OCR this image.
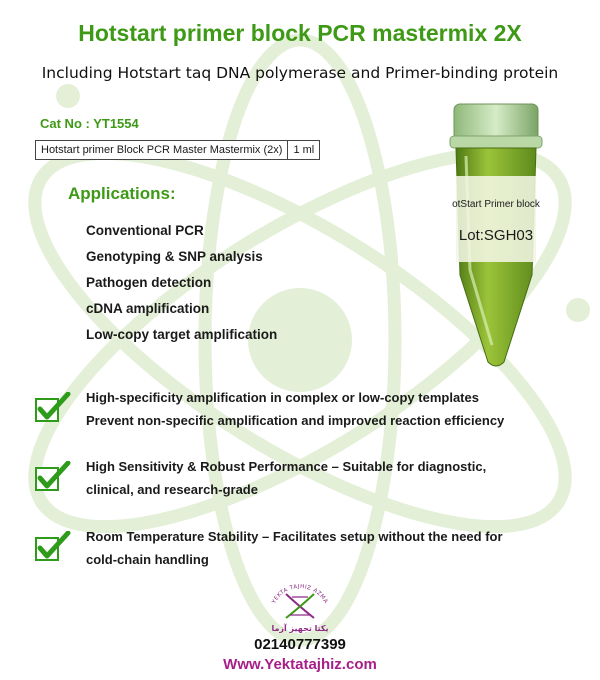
Hotstart primer block PCR mastermix 2X
Including Hotstart taq DNA polymerase and Primer-binding protein
Cat No : YT1554
Hotstart primer Block PCR Master Mastermix (2x)	1 ml
otStart Primer block
Lot:SGH03
Applications:
Conventional PCR
Genotyping & SNP analysis
Pathogen detection
cDNA amplification
Low-copy target amplification
High-specificity amplification in complex or low-copy templates
Prevent non-specific amplification and improved reaction efficiency
High Sensitivity & Robust Performance – Suitable for diagnostic,
clinical, and research-grade
Room Temperature Stability – Facilitates setup without the need for
cold-chain handling
YEKTA TAJHIZ AZMA
یکتا تجهیز آزما
02140777399
Www.Yektatajhiz.com
